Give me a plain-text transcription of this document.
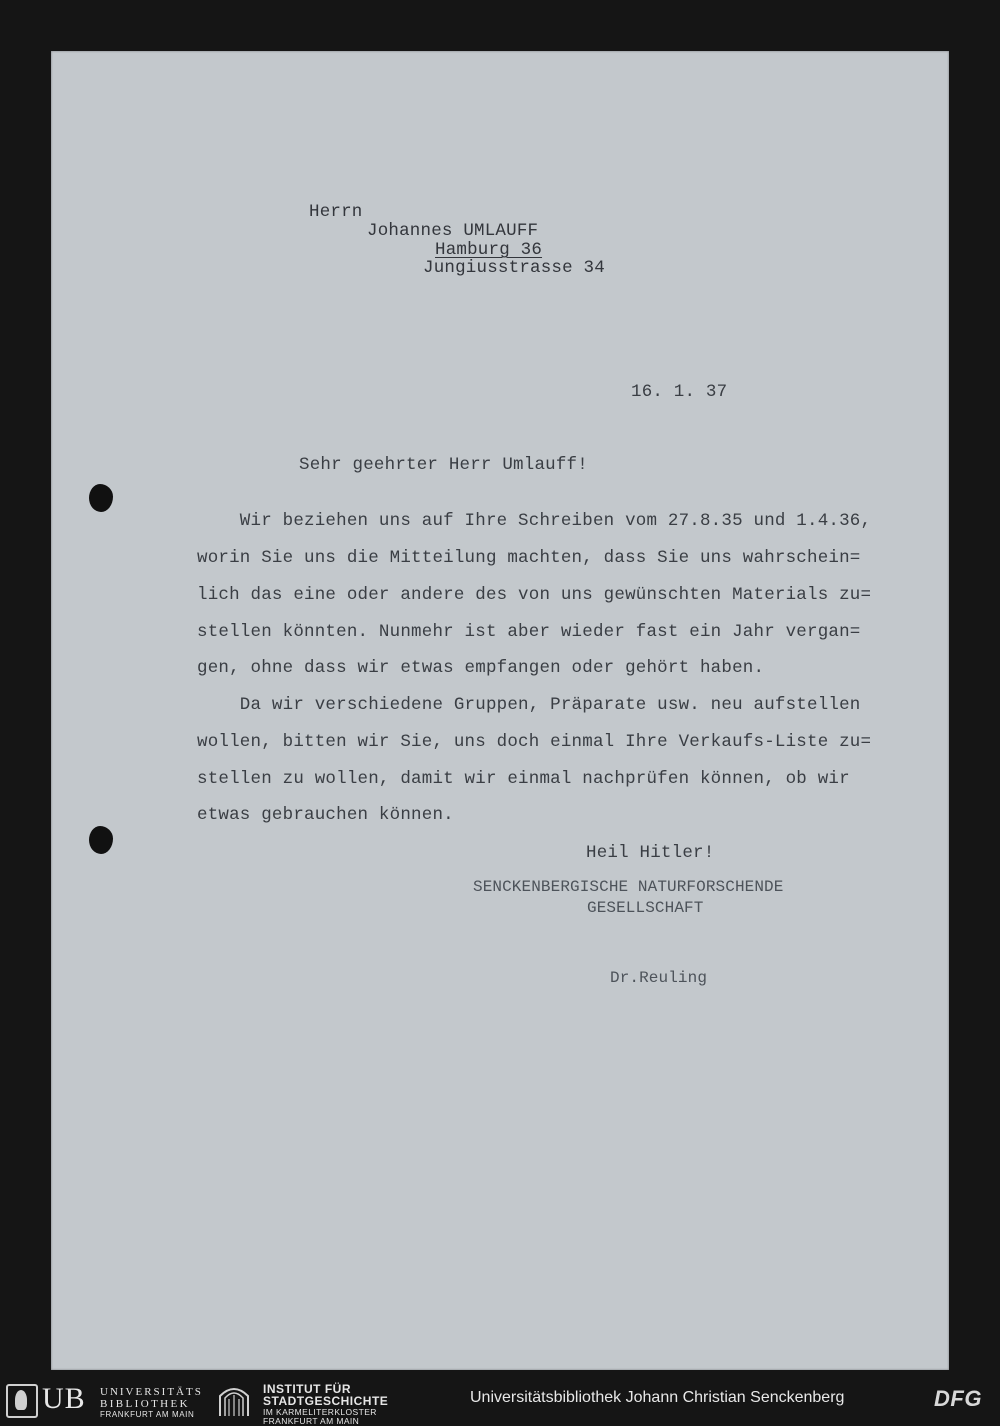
Herrn
Johannes UMLAUFF
Hamburg 36
Jungiusstrasse 34
16. 1. 37
Sehr geehrter Herr Umlauff!
Wir beziehen uns auf Ihre Schreiben vom 27.8.35 und 1.4.36,
worin Sie uns die Mitteilung machten, dass Sie uns wahrschein=
lich das eine oder andere des von uns gewünschten Materials zu=
stellen könnten. Nunmehr ist aber wieder fast ein Jahr vergan=
gen, ohne dass wir etwas empfangen oder gehört haben.
Da wir verschiedene Gruppen, Präparate usw. neu aufstellen
wollen, bitten wir Sie, uns doch einmal Ihre Verkaufs-Liste zu=
stellen zu wollen, damit wir einmal nachprüfen können, ob wir
etwas gebrauchen können.
Heil Hitler!
SENCKENBERGISCHE NATURFORSCHENDE
GESELLSCHAFT
Dr.Reuling
UB UNIVERSITÄTS
BIBLIOTHEK
FRANKFURT AM MAIN
INSTITUT FÜR
STADTGESCHICHTE
IM KARMELITERKLOSTER
FRANKFURT AM MAIN
Universitätsbibliothek Johann Christian Senckenberg	DFG
